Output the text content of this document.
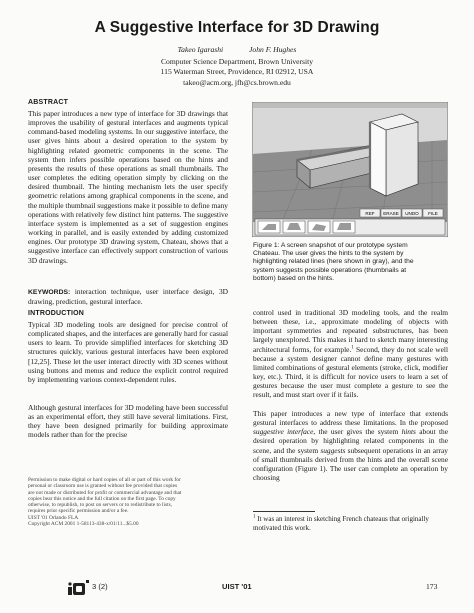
A Suggestive Interface for 3D Drawing
Takeo Igarashi	John F. Hughes
Computer Science Department, Brown University
115 Waterman Street, Providence, RI 02912, USA
takeo@acm.org, jfh@cs.brown.edu
ABSTRACT
This paper introduces a new type of interface for 3D drawings that improves the usability of gestural interfaces and augments typical command-based modeling systems. In our suggestive interface, the user gives hints about a desired operation to the system by highlighting related geometric components in the scene. The system then infers possible operations based on the hints and presents the results of these operations as small thumbnails. The user completes the editing operation simply by clicking on the desired thumbnail. The hinting mechanism lets the user specify geometric relations among graphical components in the scene, and the multiple thumbnail suggestions make it possible to define many operations with relatively few distinct hint patterns. The suggestive interface system is implemented as a set of suggestion engines working in parallel, and is easily extended by adding customized engines. Our prototype 3D drawing system, Chateau, shows that a suggestive interface can effectively support construction of various 3D drawings.
KEYWORDS: interaction technique, user interface design, 3D drawing, prediction, gestural interface.
INTRODUCTION
Typical 3D modeling tools are designed for precise control of complicated shapes, and the interfaces are generally hard for casual users to learn. To provide simplified interfaces for sketching 3D structures quickly, various gestural interfaces have been explored [12,25]. These let the user interact directly with 3D scenes without using buttons and menus and reduce the explicit control required by implementing various context-dependent rules.
Although gestural interfaces for 3D modeling have been successful as an experimental effort, they still have several limitations. First, they have been designed primarily for building approximate models rather than for the precise
Permission to make digital or hard copies of all or part of this work for
personal or classroom use is granted without fee provided that copies
are not made or distributed for profit or commercial advantage and that
copies bear this notice and the full citation on the first page. To copy
otherwise, to republish, to post on servers or to redistribute to lists,
requires prior specific permission and/or a fee.
UIST '01 Orlando FLA
Copyright ACM 2001 1-58113-438-x/01/11...$5.00
REF ERASE UNDO FILE
Figure 1: A screen snapshot of our prototype system Chateau. The user gives the hints to the system by highlighting related lines (here shown in gray), and the system suggests possible operations (thumbnails at bottom) based on the hints.
control used in traditional 3D modeling tools, and the realm between these, i.e., approximate modeling of objects with important symmetries and repeated substructures, has been largely unexplored. This makes it hard to sketch many interesting architectural forms, for example.$^1$ Second, they do not scale well because a system designer cannot define many gestures with limited combinations of gestural elements (stroke, click, modifier key, etc.). Third, it is difficult for novice users to learn a set of gestures because the user must complete a gesture to see the result, and must start over if it fails.
This paper introduces a new type of interface that extends gestural interfaces to address these limitations. In the proposed suggestive interface, the user gives the system hints about the desired operation by highlighting related components in the scene, and the system suggests subsequent operations in an array of small thumbnails derived from the hints and the overall scene configuration (Figure 1). The user can complete an operation by choosing
$^1$ It was an interest in sketching French chateaus that originally motivated this work.
3 (2)	UIST '01	173
